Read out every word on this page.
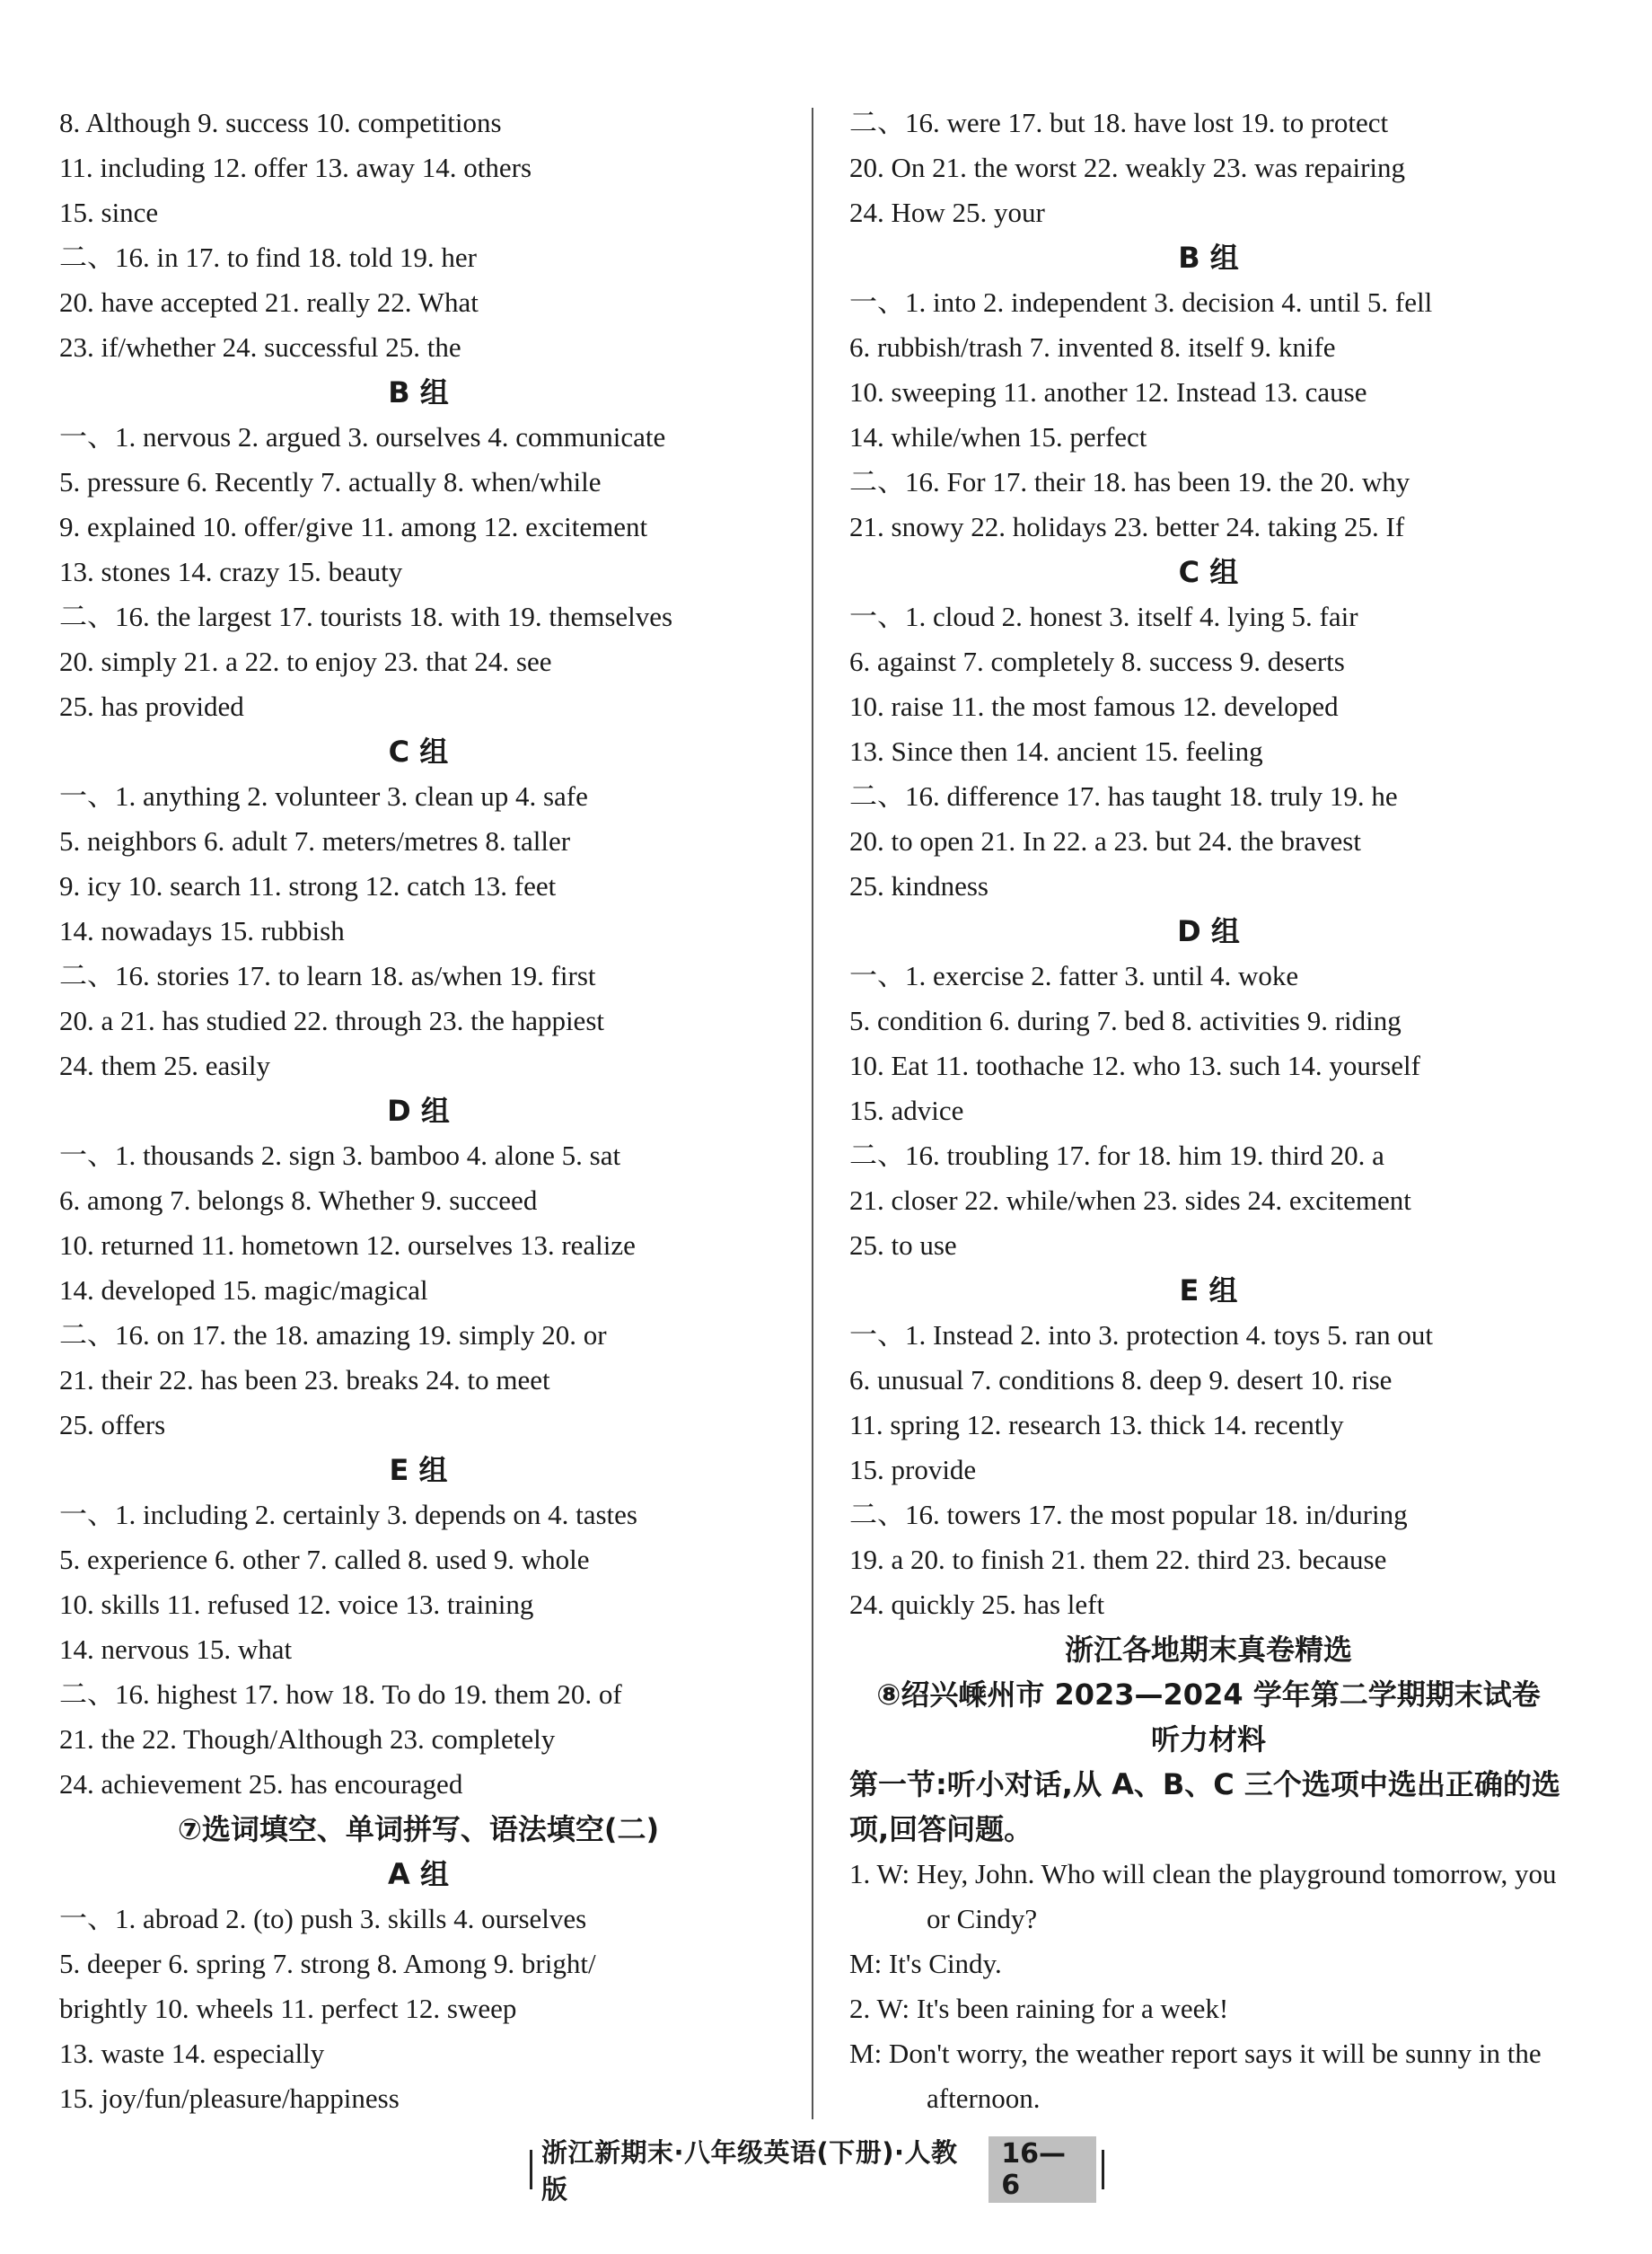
8. Although 9. success 10. competitions
11. including 12. offer 13. away 14. others
15. since
二、16. in 17. to find 18. told 19. her
20. have accepted 21. really 22. What
23. if/whether 24. successful 25. the
B 组
一、1. nervous 2. argued 3. ourselves 4. communicate
5. pressure 6. Recently 7. actually 8. when/while
9. explained 10. offer/give 11. among 12. excitement
13. stones 14. crazy 15. beauty
二、16. the largest 17. tourists 18. with 19. themselves
20. simply 21. a 22. to enjoy 23. that 24. see
25. has provided
C 组
一、1. anything 2. volunteer 3. clean up 4. safe
5. neighbors 6. adult 7. meters/metres 8. taller
9. icy 10. search 11. strong 12. catch 13. feet
14. nowadays 15. rubbish
二、16. stories 17. to learn 18. as/when 19. first
20. a 21. has studied 22. through 23. the happiest
24. them 25. easily
D 组
一、1. thousands 2. sign 3. bamboo 4. alone 5. sat
6. among 7. belongs 8. Whether 9. succeed
10. returned 11. hometown 12. ourselves 13. realize
14. developed 15. magic/magical
二、16. on 17. the 18. amazing 19. simply 20. or
21. their 22. has been 23. breaks 24. to meet
25. offers
E 组
一、1. including 2. certainly 3. depends on 4. tastes
5. experience 6. other 7. called 8. used 9. whole
10. skills 11. refused 12. voice 13. training
14. nervous 15. what
二、16. highest 17. how 18. To do 19. them 20. of
21. the 22. Though/Although 23. completely
24. achievement 25. has encouraged
⑦选词填空、单词拼写、语法填空(二)
A 组
一、1. abroad 2. (to) push 3. skills 4. ourselves
5. deeper 6. spring 7. strong 8. Among 9. bright/
brightly 10. wheels 11. perfect 12. sweep
13. waste 14. especially
15. joy/fun/pleasure/happiness
二、16. were 17. but 18. have lost 19. to protect
20. On 21. the worst 22. weakly 23. was repairing
24. How 25. your
B 组
一、1. into 2. independent 3. decision 4. until 5. fell
6. rubbish/trash 7. invented 8. itself 9. knife
10. sweeping 11. another 12. Instead 13. cause
14. while/when 15. perfect
二、16. For 17. their 18. has been 19. the 20. why
21. snowy 22. holidays 23. better 24. taking 25. If
C 组
一、1. cloud 2. honest 3. itself 4. lying 5. fair
6. against 7. completely 8. success 9. deserts
10. raise 11. the most famous 12. developed
13. Since then 14. ancient 15. feeling
二、16. difference 17. has taught 18. truly 19. he
20. to open 21. In 22. a 23. but 24. the bravest
25. kindness
D 组
一、1. exercise 2. fatter 3. until 4. woke
5. condition 6. during 7. bed 8. activities 9. riding
10. Eat 11. toothache 12. who 13. such 14. yourself
15. advice
二、16. troubling 17. for 18. him 19. third 20. a
21. closer 22. while/when 23. sides 24. excitement
25. to use
E 组
一、1. Instead 2. into 3. protection 4. toys 5. ran out
6. unusual 7. conditions 8. deep 9. desert 10. rise
11. spring 12. research 13. thick 14. recently
15. provide
二、16. towers 17. the most popular 18. in/during
19. a 20. to finish 21. them 22. third 23. because
24. quickly 25. has left
浙江各地期末真卷精选
⑧绍兴嵊州市 2023—2024 学年第二学期期末试卷
听力材料
第一节:听小对话,从 A、B、C 三个选项中选出正确的选项,回答问题。
1. W: Hey, John. Who will clean the playground tomorrow, you or Cindy?
M: It's Cindy.
2. W: It's been raining for a week!
M: Don't worry, the weather report says it will be sunny in the afternoon.
浙江新期末·八年级英语(下册)·人教版
16—6
